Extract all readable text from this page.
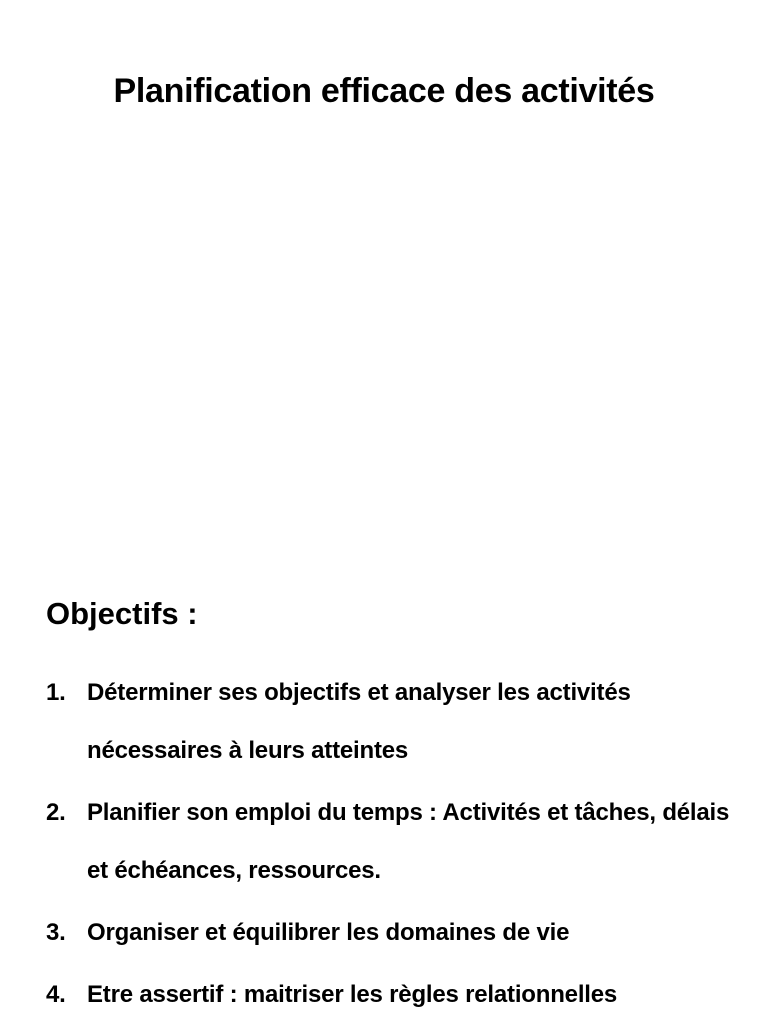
Planification efficace des activités
Objectifs :
1. Déterminer ses objectifs et analyser les activités nécessaires à leurs atteintes
2. Planifier son emploi du temps : Activités et tâches, délais et échéances, ressources.
3. Organiser et équilibrer les domaines de vie
4. Etre assertif : maitriser les règles relationnelles
